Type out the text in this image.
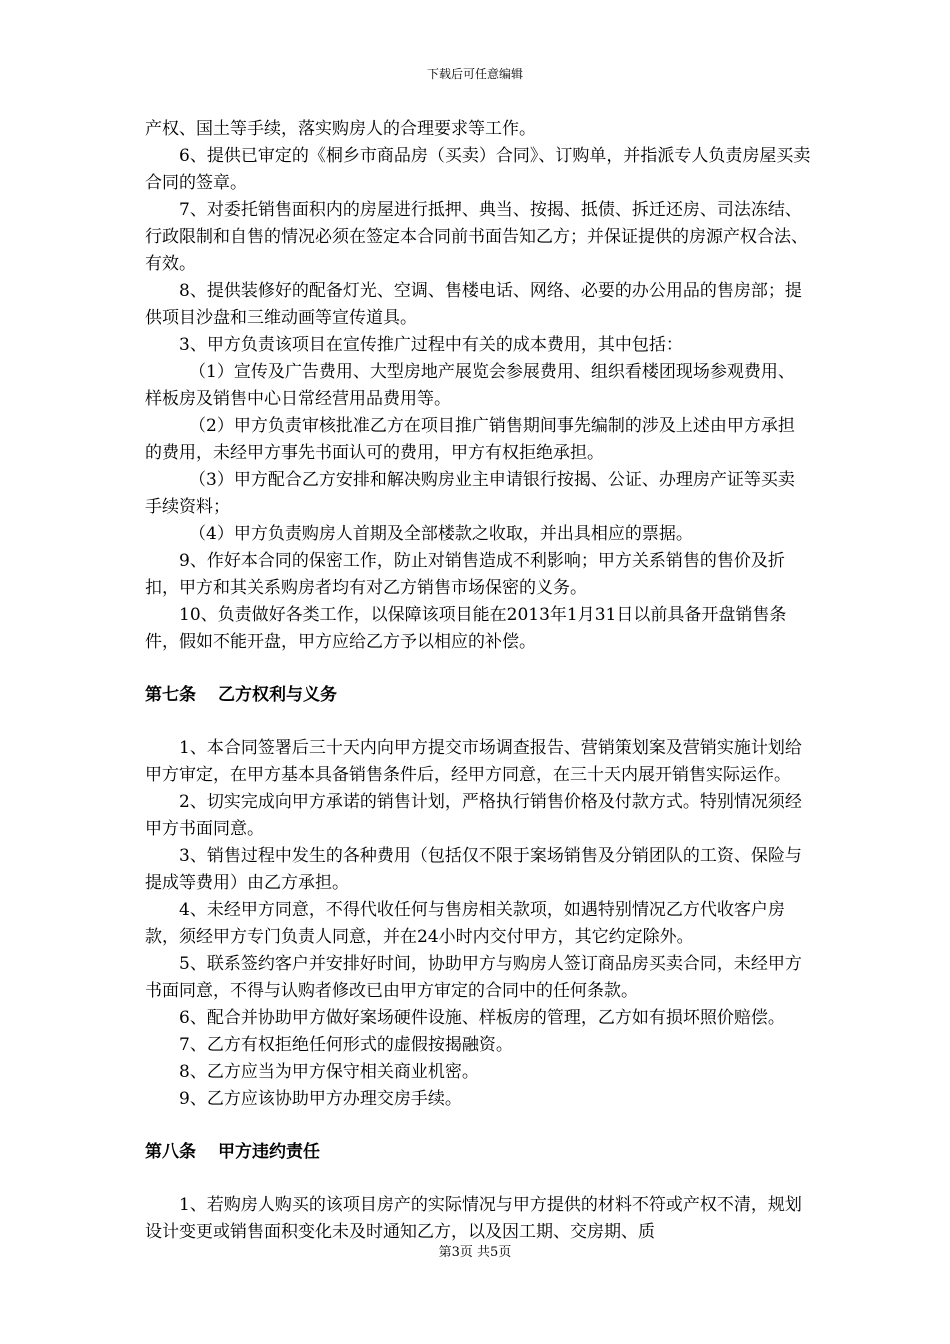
下载后可任意编辑

产权、国土等手续，落实购房人的合理要求等工作。

6、提供已审定的《桐乡市商品房（买卖）合同》、订购单，并指派专人负责房屋买卖合同的签章。

7、对委托销售面积内的房屋进行抵押、典当、按揭、抵债、拆迁还房、司法冻结、行政限制和自售的情况必须在签定本合同前书面告知乙方；并保证提供的房源产权合法、有效。

8、提供装修好的配备灯光、空调、售楼电话、网络、必要的办公用品的售房部；提供项目沙盘和三维动画等宣传道具。

3、甲方负责该项目在宣传推广过程中有关的成本费用，其中包括：

（1）宣传及广告费用、大型房地产展览会参展费用、组织看楼团现场参观费用、样板房及销售中心日常经营用品费用等。

（2）甲方负责审核批准乙方在项目推广销售期间事先编制的涉及上述由甲方承担的费用，未经甲方事先书面认可的费用，甲方有权拒绝承担。

（3）甲方配合乙方安排和解决购房业主申请银行按揭、公证、办理房产证等买卖手续资料；

（4）甲方负责购房人首期及全部楼款之收取，并出具相应的票据。

9、作好本合同的保密工作，防止对销售造成不利影响；甲方关系销售的售价及折扣，甲方和其关系购房者均有对乙方销售市场保密的义务。

10、负责做好各类工作，以保障该项目能在2013年1月31日以前具备开盘销售条件，假如不能开盘，甲方应给乙方予以相应的补偿。

第七条 乙方权利与义务

1、本合同签署后三十天内向甲方提交市场调查报告、营销策划案及营销实施计划给甲方审定，在甲方基本具备销售条件后，经甲方同意，在三十天内展开销售实际运作。

2、切实完成向甲方承诺的销售计划，严格执行销售价格及付款方式。特别情况须经甲方书面同意。

3、销售过程中发生的各种费用（包括仅不限于案场销售及分销团队的工资、保险与提成等费用）由乙方承担。

4、未经甲方同意，不得代收任何与售房相关款项，如遇特别情况乙方代收客户房款，须经甲方专门负责人同意，并在24小时内交付甲方，其它约定除外。

5、联系签约客户并安排好时间，协助甲方与购房人签订商品房买卖合同，未经甲方书面同意，不得与认购者修改已由甲方审定的合同中的任何条款。

6、配合并协助甲方做好案场硬件设施、样板房的管理，乙方如有损坏照价赔偿。

7、乙方有权拒绝任何形式的虚假按揭融资。

8、乙方应当为甲方保守相关商业机密。

9、乙方应该协助甲方办理交房手续。

第八条 甲方违约责任

1、若购房人购买的该项目房产的实际情况与甲方提供的材料不符或产权不清，规划设计变更或销售面积变化未及时通知乙方，以及因工期、交房期、质

第3页 共5页
